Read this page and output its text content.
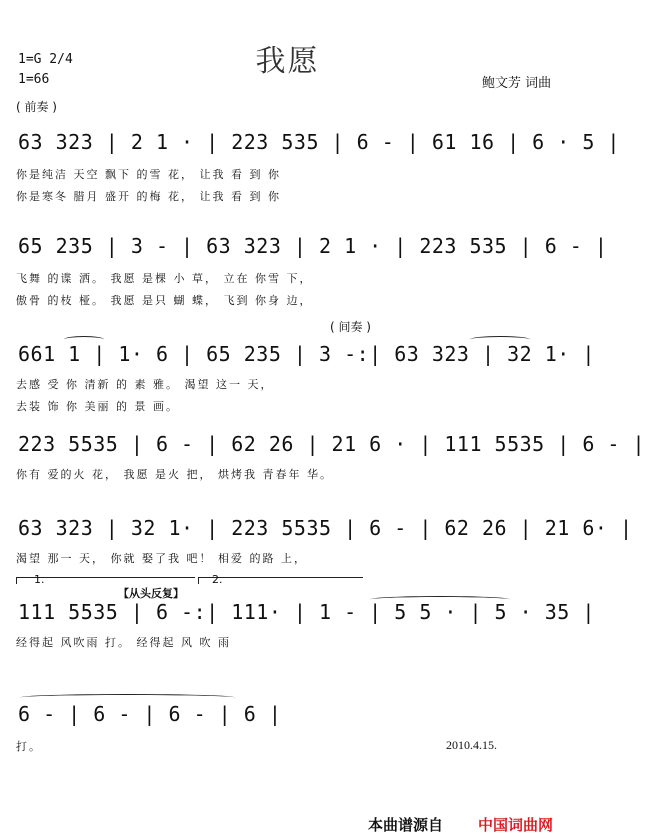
我愿
1=G 2/4
1=66	鲍文芳 词曲
( 前奏 )
63 323 | 2 1 · | 223 535 | 6 - | 61 16 | 6 · 5 |
你是纯洁 天空 飘下 的雪 花， 让我 看 到 你
你是寒冬 腊月 盛开 的梅 花， 让我 看 到 你
65 235 | 3 - | 63 323 | 2 1 · | 223 535 | 6 - |
飞舞 的谍 洒。 我愿 是棵 小 草， 立在 你雪 下，
傲骨 的枝 桠。 我愿 是只 蝴 蝶， 飞到 你身 边，
( 间奏 )
661 1 | 1· 6 | 65 235 | 3 -:| 63 323 | 32 1· |
去感 受 你 清新 的 素 雅。 渴望 这一 天，
去装 饰 你 美丽 的 景 画。
223 5535 | 6 - | 62 26 | 21 6 · | 111 5535 | 6 - |
你有 爱的火 花， 我愿 是火 把， 烘烤我 青春年 华。
63 323 | 32 1· | 223 5535 | 6 - | 62 26 | 21 6· |
渴望 那一 天， 你就 娶了我 吧！ 相爱 的路 上，
1.	2.
【从头反复】
111 5535 | 6 -:| 111· | 1 - | 5 5 · | 5 · 35 |
经得起 风吹雨 打。 经得起 风 吹 雨
6 - | 6 - | 6 - | 6 |
打。	2010.4.15.
本曲谱源自 中国词曲网
